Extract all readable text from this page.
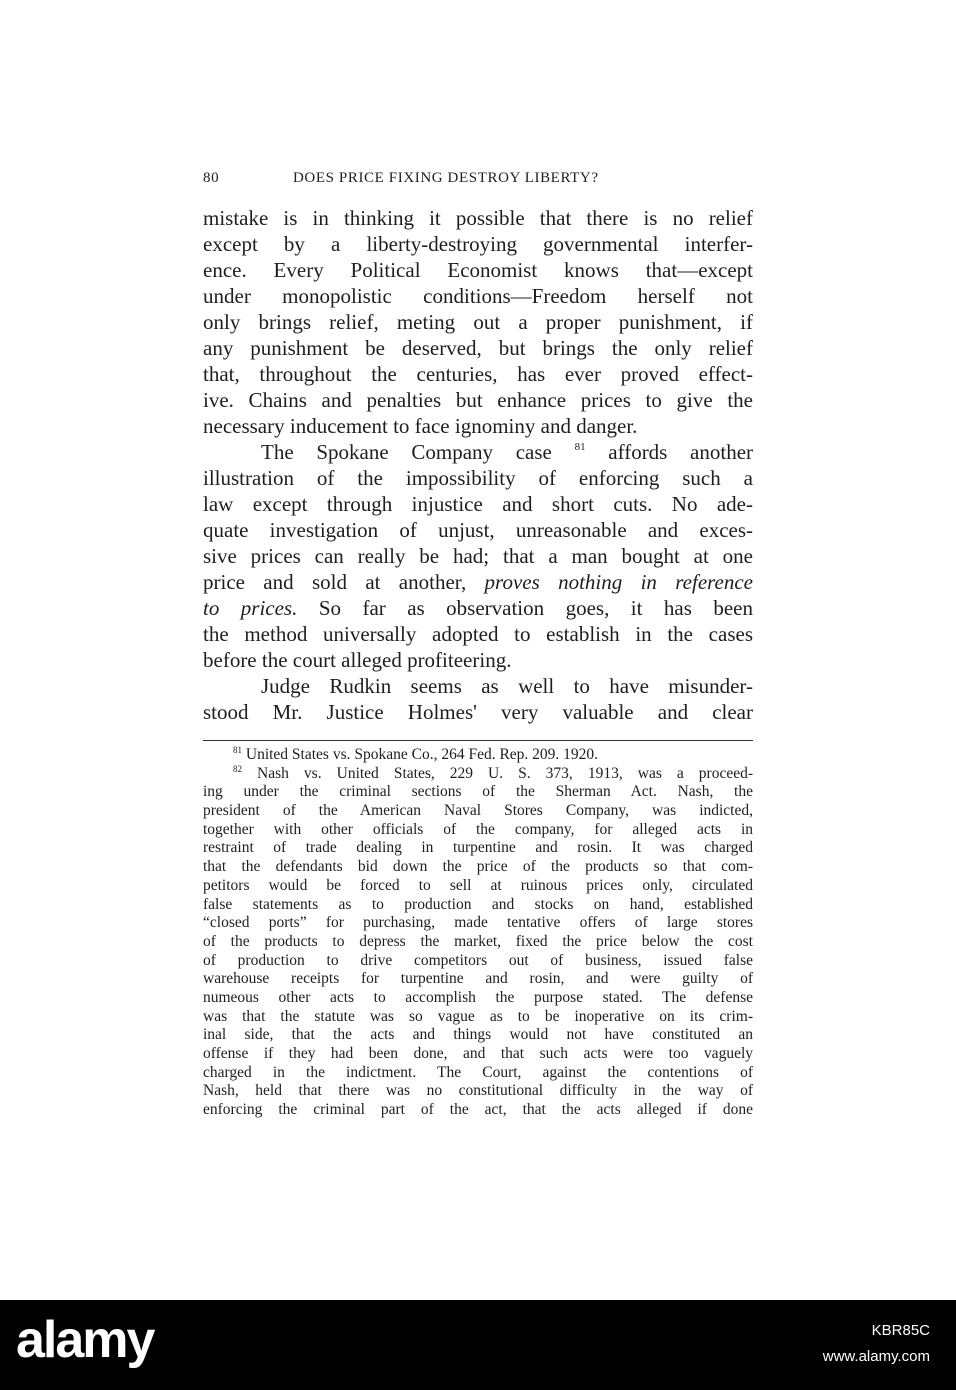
80	DOES PRICE FIXING DESTROY LIBERTY?
mistake is in thinking it possible that there is no relief
except by a liberty-destroying governmental interfer-
ence. Every Political Economist knows that—except
under monopolistic conditions—Freedom herself not
only brings relief, meting out a proper punishment, if
any punishment be deserved, but brings the only relief
that, throughout the centuries, has ever proved effect-
ive. Chains and penalties but enhance prices to give the
necessary inducement to face ignominy and danger.
The Spokane Company case $^{81}$ affords another
illustration of the impossibility of enforcing such a
law except through injustice and short cuts. No ade-
quate investigation of unjust, unreasonable and exces-
sive prices can really be had; that a man bought at one
price and sold at another, proves nothing in reference
to prices. So far as observation goes, it has been
the method universally adopted to establish in the cases
before the court alleged profiteering.
Judge Rudkin seems as well to have misunder-
stood Mr. Justice Holmes' very valuable and clear
$^{81}$ United States vs. Spokane Co., 264 Fed. Rep. 209. 1920.
$^{82}$ Nash vs. United States, 229 U. S. 373, 1913, was a proceed-
ing under the criminal sections of the Sherman Act. Nash, the
president of the American Naval Stores Company, was indicted,
together with other officials of the company, for alleged acts in
restraint of trade dealing in turpentine and rosin. It was charged
that the defendants bid down the price of the products so that com-
petitors would be forced to sell at ruinous prices only, circulated
false statements as to production and stocks on hand, established
“closed ports” for purchasing, made tentative offers of large stores
of the products to depress the market, fixed the price below the cost
of production to drive competitors out of business, issued false
warehouse receipts for turpentine and rosin, and were guilty of
numeous other acts to accomplish the purpose stated. The defense
was that the statute was so vague as to be inoperative on its crim-
inal side, that the acts and things would not have constituted an
offense if they had been done, and that such acts were too vaguely
charged in the indictment. The Court, against the contentions of
Nash, held that there was no constitutional difficulty in the way of
enforcing the criminal part of the act, that the acts alleged if done
alamy	KBR85C
www.alamy.com
